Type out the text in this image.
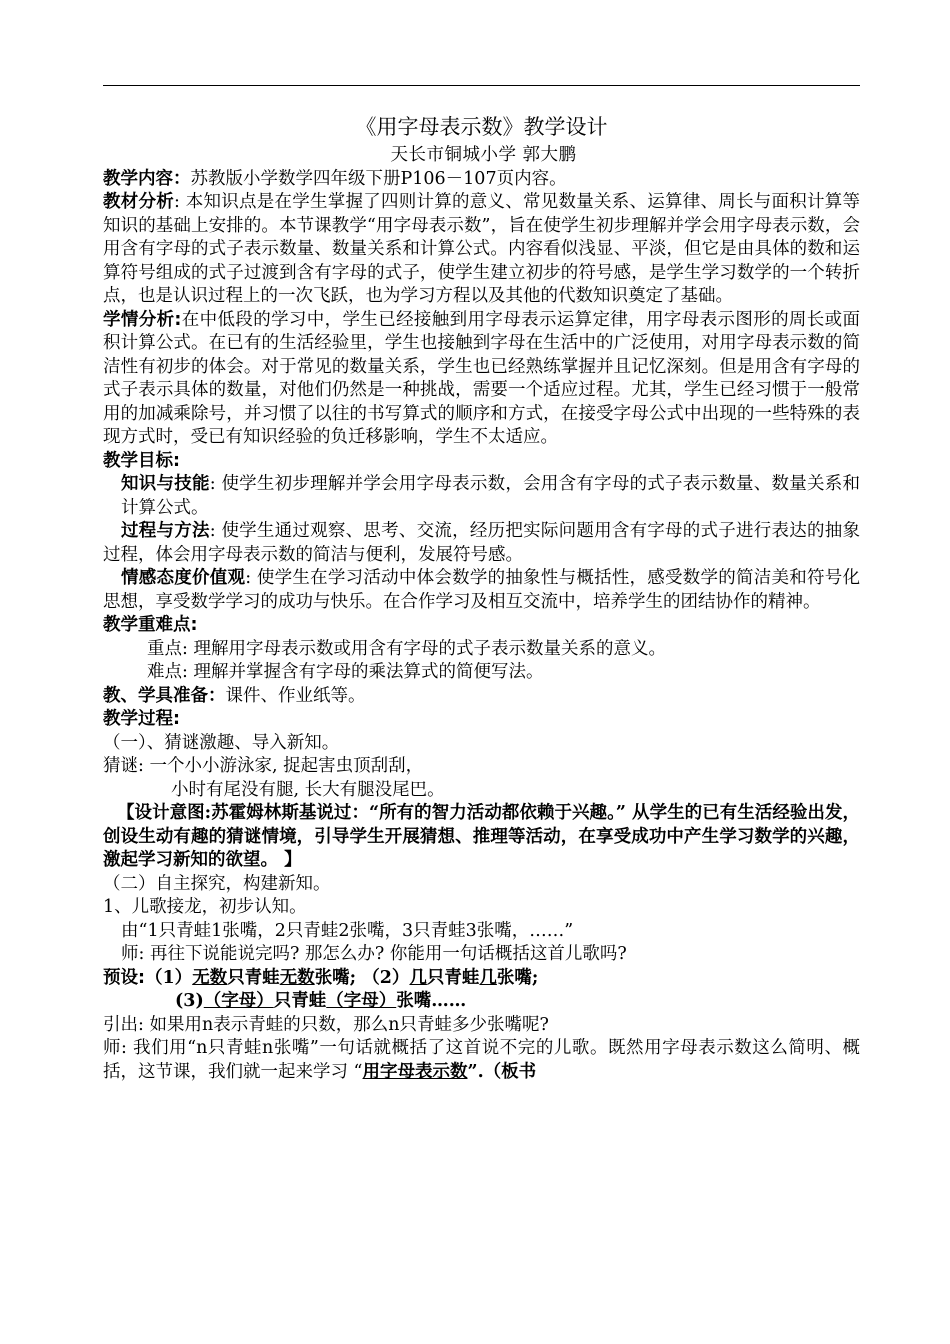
《用字母表示数》教学设计
天长市铜城小学 郭大鹏

教学内容：苏教版小学数学四年级下册P106－107页内容。

教材分析: 本知识点是在学生掌握了四则计算的意义、常见数量关系、运算律、周长与面积计算等知识的基础上安排的。本节课教学“用字母表示数”，旨在使学生初步理解并学会用字母表示数，会用含有字母的式子表示数量、数量关系和计算公式。内容看似浅显、平淡，但它是由具体的数和运算符号组成的式子过渡到含有字母的式子，使学生建立初步的符号感，是学生学习数学的一个转折点，也是认识过程上的一次飞跃，也为学习方程以及其他的代数知识奠定了基础。

学情分析:在中低段的学习中，学生已经接触到用字母表示运算定律，用字母表示图形的周长或面积计算公式。在已有的生活经验里，学生也接触到字母在生活中的广泛使用，对用字母表示数的简洁性有初步的体会。对于常见的数量关系，学生也已经熟练掌握并且记忆深刻。但是用含有字母的式子表示具体的数量，对他们仍然是一种挑战，需要一个适应过程。尤其，学生已经习惯于一般常用的加减乘除号，并习惯了以往的书写算式的顺序和方式，在接受字母公式中出现的一些特殊的表现方式时，受已有知识经验的负迁移影响，学生不太适应。

教学目标:

知识与技能: 使学生初步理解并学会用字母表示数，会用含有字母的式子表示数量、数量关系和计算公式。

过程与方法: 使学生通过观察、思考、交流，经历把实际问题用含有字母的式子进行表达的抽象过程，体会用字母表示数的简洁与便利，发展符号感。

情感态度价值观: 使学生在学习活动中体会数学的抽象性与概括性，感受数学的简洁美和符号化思想，享受数学学习的成功与快乐。在合作学习及相互交流中，培养学生的团结协作的精神。

教学重难点:

重点: 理解用字母表示数或用含有字母的式子表示数量关系的意义。

难点: 理解并掌握含有字母的乘法算式的简便写法。

教、学具准备：课件、作业纸等。

教学过程:

（一）、猜谜激趣、导入新知。

猜谜: 一个小小游泳家, 捉起害虫顶刮刮，

小时有尾没有腿, 长大有腿没尾巴。

【设计意图:苏霍姆林斯基说过：“所有的智力活动都依赖于兴趣。” 从学生的已有生活经验出发，创设生动有趣的猜谜情境，引导学生开展猜想、推理等活动，在享受成功中产生学习数学的兴趣，激起学习新知的欲望。 】

（二）自主探究，构建新知。

1、儿歌接龙，初步认知。

由“1只青蛙1张嘴，2只青蛙2张嘴，3只青蛙3张嘴，……”

师: 再往下说能说完吗? 那怎么办? 你能用一句话概括这首儿歌吗?

预设:（1）无数只青蛙无数张嘴; （2）几只青蛙几张嘴;

(3)（字母）只青蛙（字母）张嘴……

引出: 如果用n表示青蛙的只数，那么n只青蛙多少张嘴呢?

师: 我们用“n只青蛙n张嘴”一句话就概括了这首说不完的儿歌。既然用字母表示数这么简明、概括，这节课，我们就一起来学习 “用字母表示数”.（板书
